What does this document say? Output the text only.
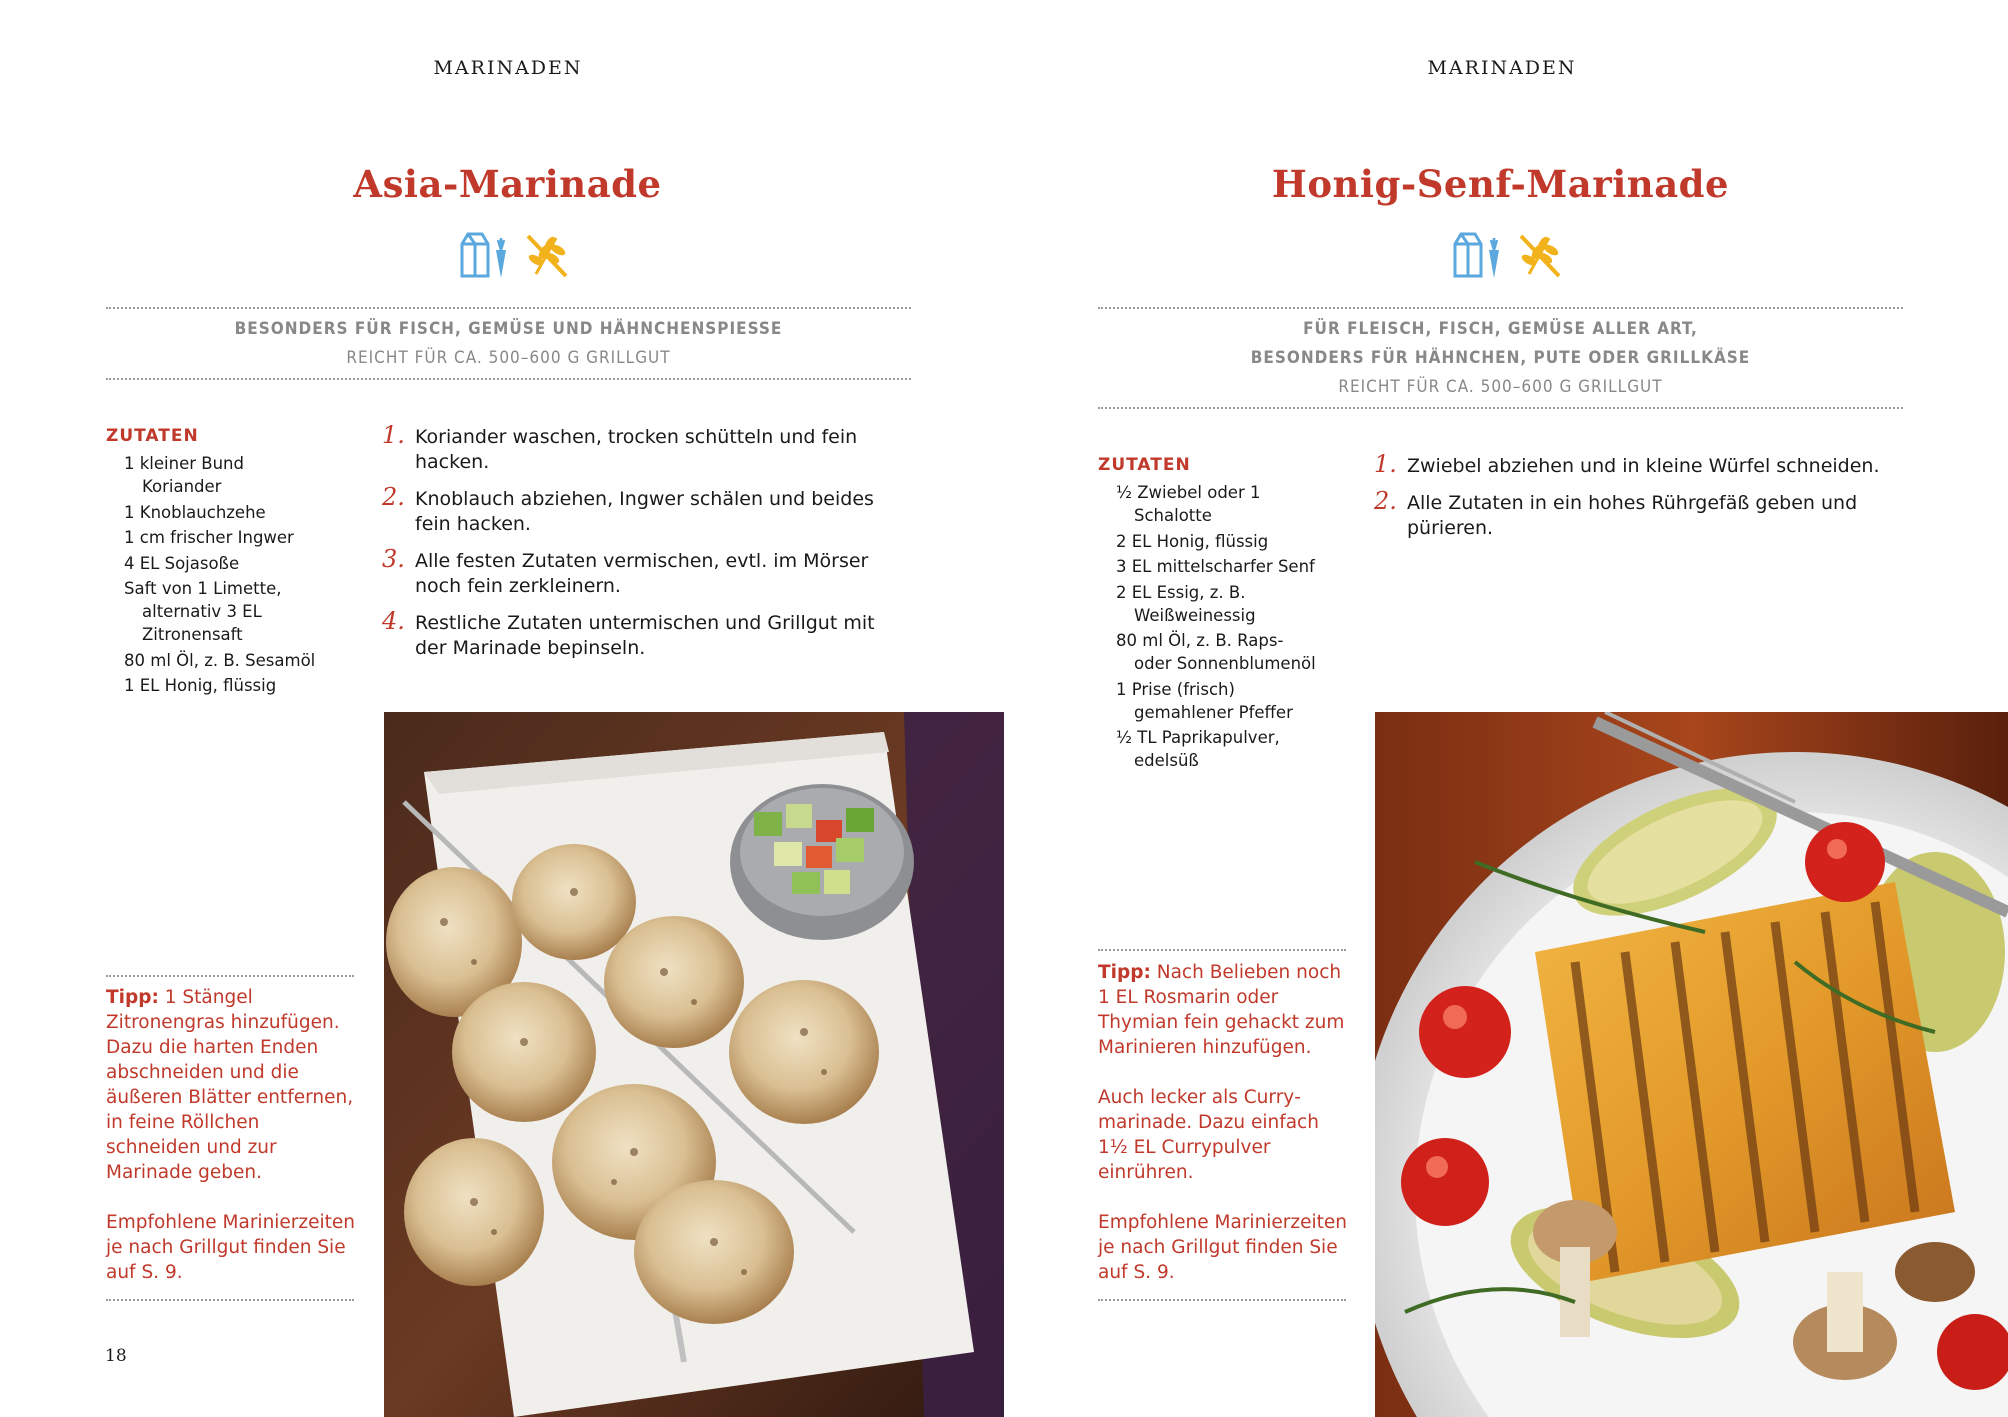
MARINADEN
Asia-Marinade
BESONDERS FÜR FISCH, GEMÜSE UND HÄHNCHENSPIESSE
REICHT FÜR CA. 500–600 G GRILLGUT
ZUTATEN
1 kleiner Bund Koriander
1 Knoblauchzehe
1 cm frischer Ingwer
4 EL Sojasoße
Saft von 1 Limette, alternativ 3 EL Zitronensaft
80 ml Öl, z. B. Sesamöl
1 EL Honig, flüssig
1. Koriander waschen, trocken schütteln und fein hacken.
2. Knoblauch abziehen, Ingwer schälen und beides fein hacken.
3. Alle festen Zutaten vermischen, evtl. im Mörser noch fein zerkleinern.
4. Restliche Zutaten untermischen und Grillgut mit der Marinade bepinseln.

Tipp: 1 Stängel Zitronengras hinzufügen. Dazu die harten Enden abschneiden und die äußeren Blätter entfernen, in feine Röllchen schneiden und zur Marinade geben.

Empfohlene Marinierzeiten je nach Grillgut finden Sie auf S. 9.

18
MARINADEN
Honig-Senf-Marinade
FÜR FLEISCH, FISCH, GEMÜSE ALLER ART,
BESONDERS FÜR HÄHNCHEN, PUTE ODER GRILLKÄSE
REICHT FÜR CA. 500–600 G GRILLGUT
ZUTATEN
½ Zwiebel oder 1 Schalotte
2 EL Honig, flüssig
3 EL mittelscharfer Senf
2 EL Essig, z. B. Weißweinessig
80 ml Öl, z. B. Raps- oder Sonnenblumenöl
1 Prise (frisch) gemahlener Pfeffer
½ TL Paprikapulver, edelsüß
1. Zwiebel abziehen und in kleine Würfel schneiden.
2. Alle Zutaten in ein hohes Rührgefäß geben und pürieren.

Tipp: Nach Belieben noch 1 EL Rosmarin oder Thymian fein gehackt zum Marinieren hinzufügen.

Auch lecker als Currymarinade. Dazu einfach 1½ EL Currypulver einrühren.

Empfohlene Marinierzeiten je nach Grillgut finden Sie auf S. 9.
